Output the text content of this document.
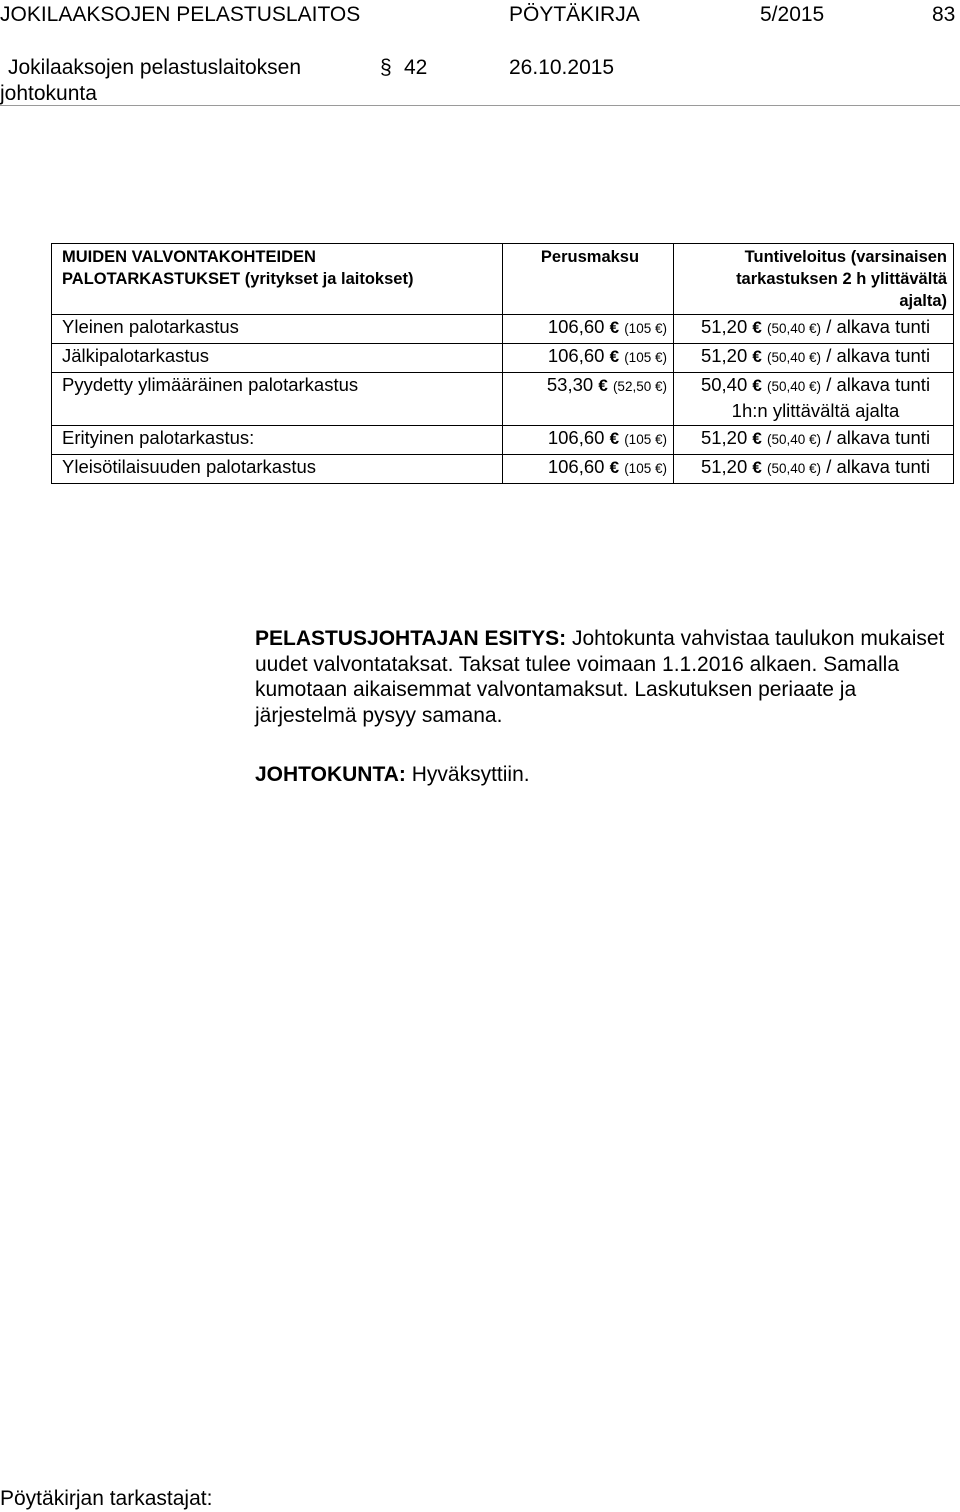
JOKILAAKSOJEN PELASTUSLAITOS	PÖYTÄKIRJA	5/2015	83
Jokilaaksojen pelastuslaitoksen
johtokunta
§ 42	26.10.2015
MUIDEN VALVONTAKOHTEIDEN PALOTARKASTUKSET (yritykset ja laitokset)	Perusmaksu	Tuntiveloitus (varsinaisen tarkastuksen 2 h ylittävältä ajalta)
Yleinen palotarkastus	106,60 € (105 €)	51,20 € (50,40 €) / alkava tunti
Jälkipalotarkastus	106,60 € (105 €)	51,20 € (50,40 €) / alkava tunti
Pyydetty ylimääräinen palotarkastus	53,30 € (52,50 €)	50,40 € (50,40 €) / alkava tunti 1h:n ylittävältä ajalta
Erityinen palotarkastus:	106,60 € (105 €)	51,20 € (50,40 €) / alkava tunti
Yleisötilaisuuden palotarkastus	106,60 € (105 €)	51,20 € (50,40 €) / alkava tunti
PELASTUSJOHTAJAN ESITYS: Johtokunta vahvistaa taulukon mukaiset uudet valvontataksat. Taksat tulee voimaan 1.1.2016 alkaen. Samalla kumotaan aikaisemmat valvontamaksut. Laskutuksen periaate ja järjestelmä pysyy samana.
JOHTOKUNTA: Hyväksyttiin.
Pöytäkirjan tarkastajat:
